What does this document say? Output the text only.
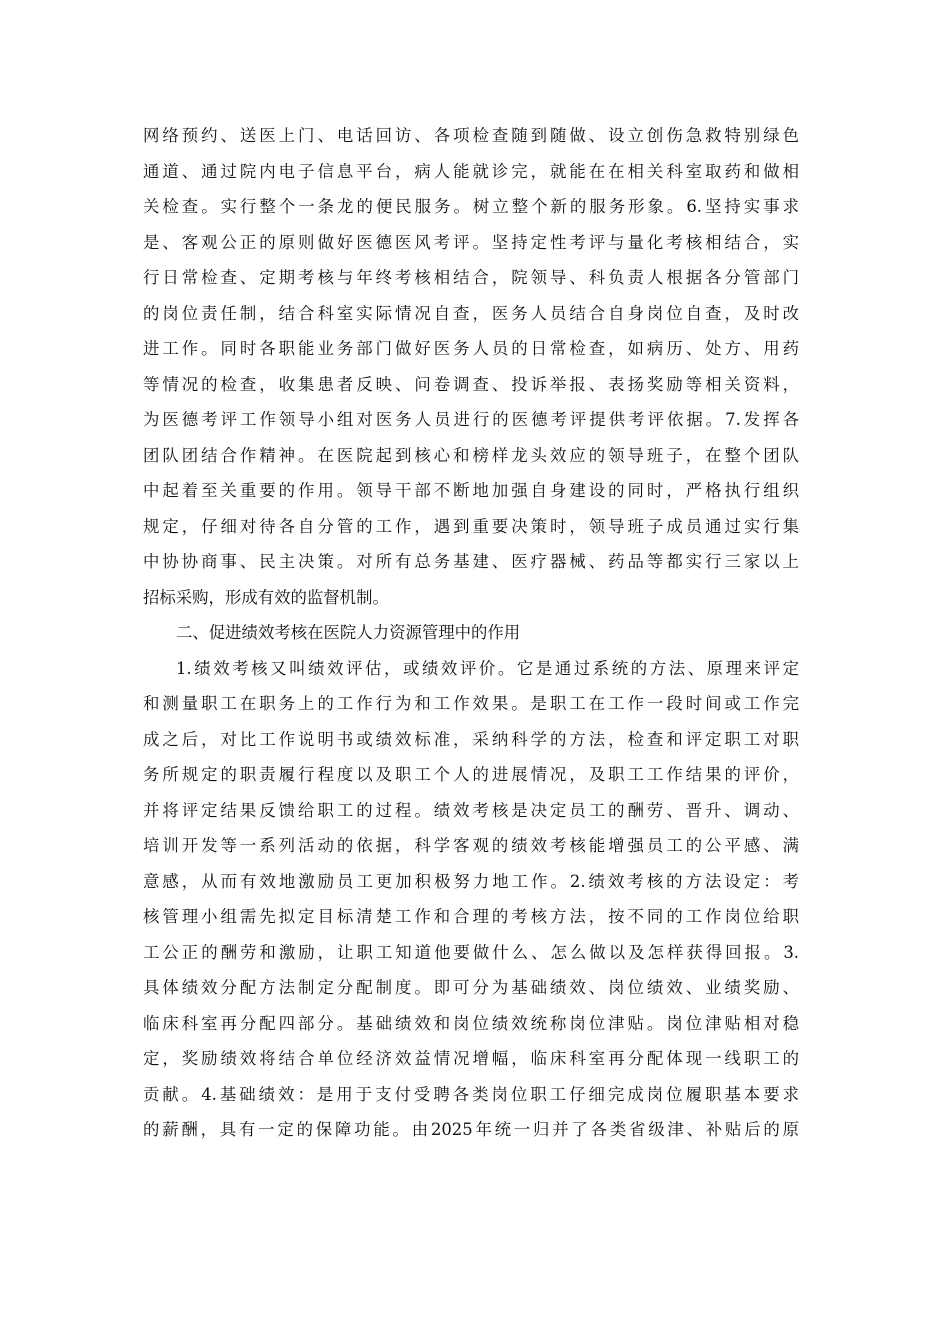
网络预约、送医上门、电话回访、各项检查随到随做、设立创伤急救特别绿色
通道、通过院内电子信息平台，病人能就诊完，就能在在相关科室取药和做相
关检查。实行整个一条龙的便民服务。树立整个新的服务形象。6.坚持实事求
是、客观公正的原则做好医德医风考评。坚持定性考评与量化考核相结合，实
行日常检查、定期考核与年终考核相结合，院领导、科负责人根据各分管部门
的岗位责任制，结合科室实际情况自查，医务人员结合自身岗位自查，及时改
进工作。同时各职能业务部门做好医务人员的日常检查，如病历、处方、用药
等情况的检查，收集患者反映、问卷调查、投诉举报、表扬奖励等相关资料，
为医德考评工作领导小组对医务人员进行的医德考评提供考评依据。7.发挥各
团队团结合作精神。在医院起到核心和榜样龙头效应的领导班子，在整个团队
中起着至关重要的作用。领导干部不断地加强自身建设的同时，严格执行组织
规定，仔细对待各自分管的工作，遇到重要决策时，领导班子成员通过实行集
中协协商事、民主决策。对所有总务基建、医疗器械、药品等都实行三家以上
招标采购，形成有效的监督机制。
二、促进绩效考核在医院人力资源管理中的作用
1.绩效考核又叫绩效评估，或绩效评价。它是通过系统的方法、原理来评定
和测量职工在职务上的工作行为和工作效果。是职工在工作一段时间或工作完
成之后，对比工作说明书或绩效标准，采纳科学的方法，检查和评定职工对职
务所规定的职责履行程度以及职工个人的进展情况，及职工工作结果的评价，
并将评定结果反馈给职工的过程。绩效考核是决定员工的酬劳、晋升、调动、
培训开发等一系列活动的依据，科学客观的绩效考核能增强员工的公平感、满
意感，从而有效地激励员工更加积极努力地工作。2.绩效考核的方法设定：考
核管理小组需先拟定目标清楚工作和合理的考核方法，按不同的工作岗位给职
工公正的酬劳和激励，让职工知道他要做什么、怎么做以及怎样获得回报。3.
具体绩效分配方法制定分配制度。即可分为基础绩效、岗位绩效、业绩奖励、
临床科室再分配四部分。基础绩效和岗位绩效统称岗位津贴。岗位津贴相对稳
定，奖励绩效将结合单位经济效益情况增幅，临床科室再分配体现一线职工的
贡献。4.基础绩效：是用于支付受聘各类岗位职工仔细完成岗位履职基本要求
的薪酬，具有一定的保障功能。由2025年统一归并了各类省级津、补贴后的原
